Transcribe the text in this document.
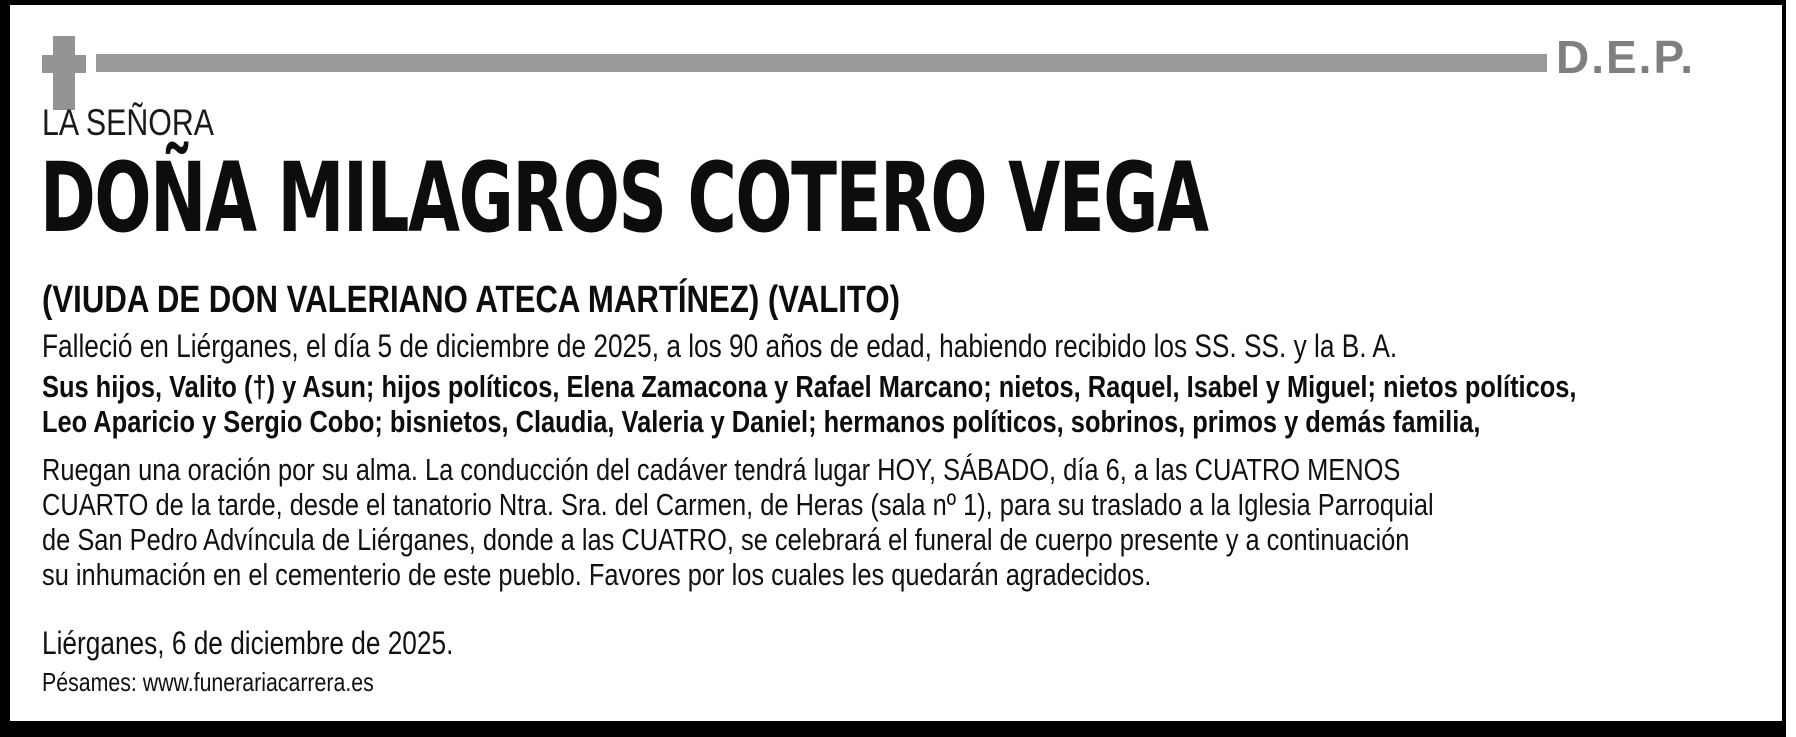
D.E.P.
LA SEÑORA
DOÑA MILAGROS COTERO VEGA
(VIUDA DE DON VALERIANO ATECA MARTÍNEZ) (VALITO)
Falleció en Liérganes, el día 5 de diciembre de 2025, a los 90 años de edad, habiendo recibido los SS. SS. y la B. A.
Sus hijos, Valito (†) y Asun; hijos políticos, Elena Zamacona y Rafael Marcano; nietos, Raquel, Isabel y Miguel; nietos políticos,
Leo Aparicio y Sergio Cobo; bisnietos, Claudia, Valeria y Daniel; hermanos políticos, sobrinos, primos y demás familia,
Ruegan una oración por su alma. La conducción del cadáver tendrá lugar HOY, SÁBADO, día 6, a las CUATRO MENOS
CUARTO de la tarde, desde el tanatorio Ntra. Sra. del Carmen, de Heras (sala nº 1), para su traslado a la Iglesia Parroquial
de San Pedro Advíncula de Liérganes, donde a las CUATRO, se celebrará el funeral de cuerpo presente y a continuación
su inhumación en el cementerio de este pueblo. Favores por los cuales les quedarán agradecidos.
Liérganes, 6 de diciembre de 2025.
Pésames: www.funerariacarrera.es
